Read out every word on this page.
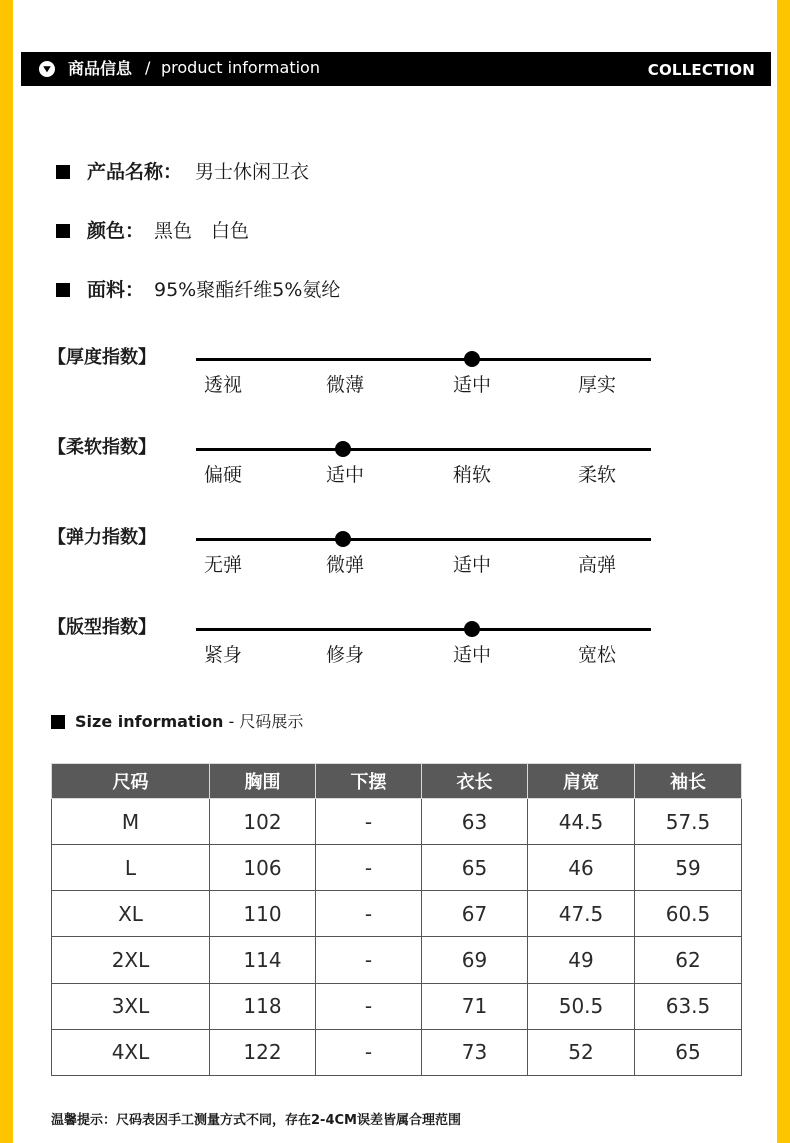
商品信息 / product information	COLLECTION
产品名称： 男士休闲卫衣
颜色： 黑色　白色
面料： 95%聚酯纤维5%氨纶
【厚度指数】
透视	微薄	适中	厚实
【柔软指数】
偏硬	适中	稍软	柔软
【弹力指数】
无弹	微弹	适中	高弹
【版型指数】
紧身	修身	适中	宽松
Size information - 尺码展示
尺码	胸围	下摆	衣长	肩宽	袖长
M	102	-	63	44.5	57.5
L	106	-	65	46	59
XL	110	-	67	47.5	60.5
2XL	114	-	69	49	62
3XL	118	-	71	50.5	63.5
4XL	122	-	73	52	65
温馨提示：尺码表因手工测量方式不同，存在2-4CM误差皆属合理范围
